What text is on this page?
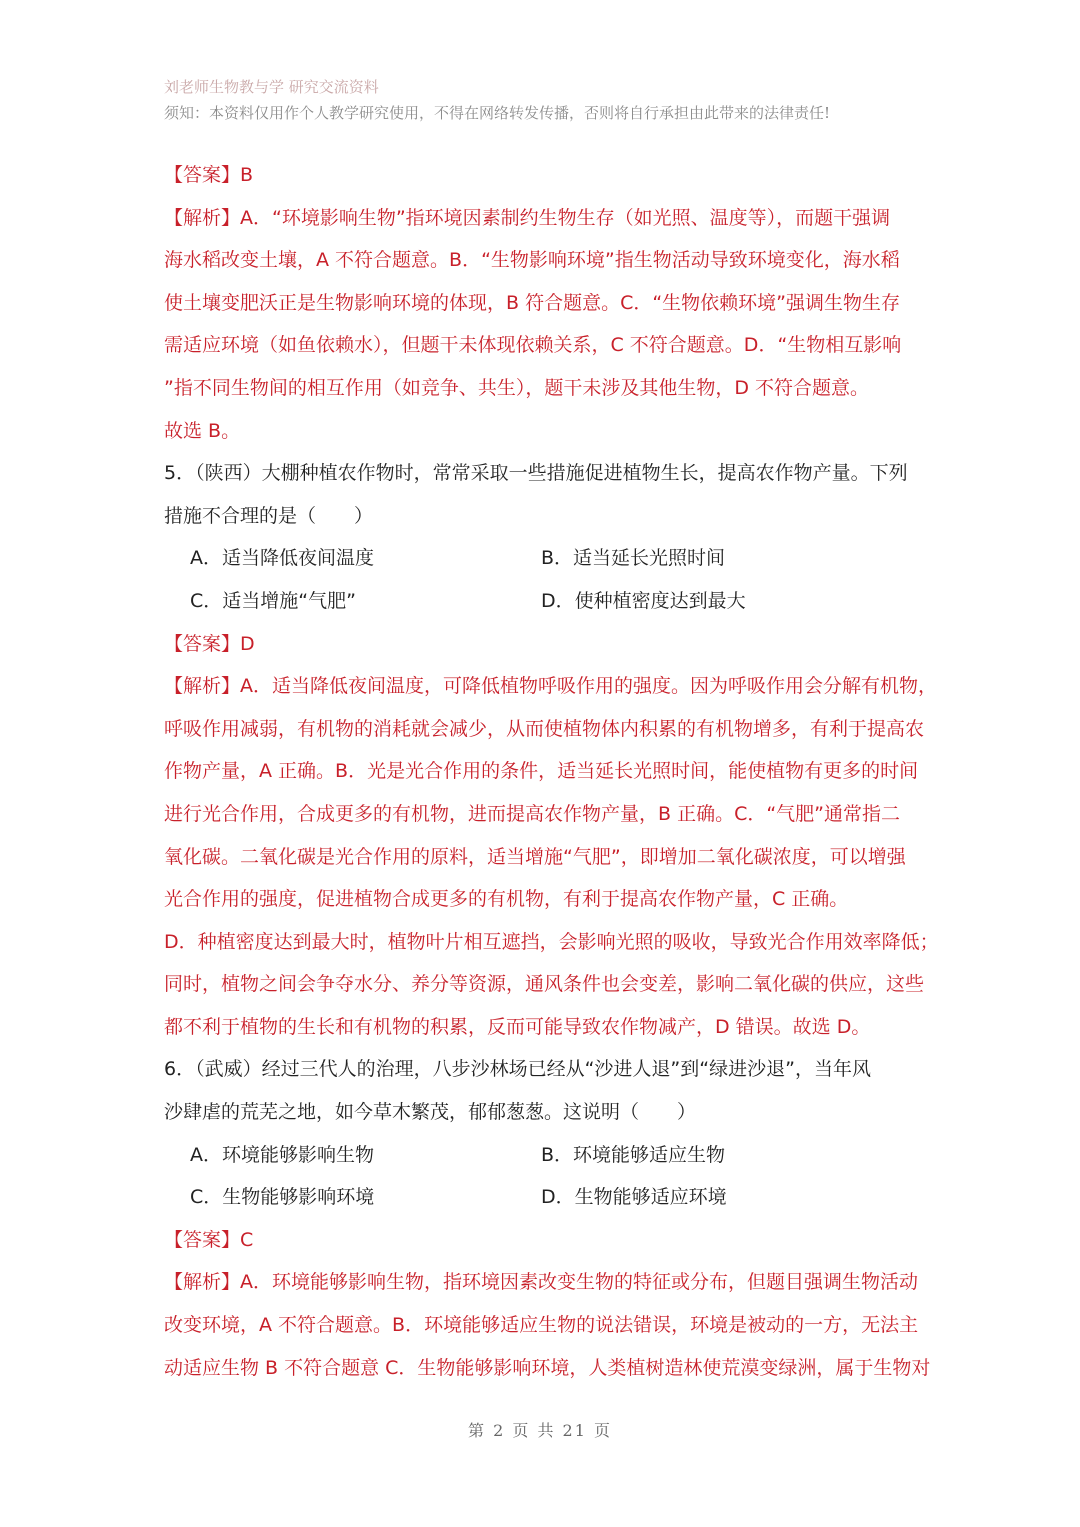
刘老师生物教与学 研究交流资料
须知：本资料仅用作个人教学研究使用，不得在网络转发传播，否则将自行承担由此带来的法律责任!
【答案】B
【解析】A．“环境影响生物”指环境因素制约生物生存（如光照、温度等），而题干强调
海水稻改变土壤，A 不符合题意。B．“生物影响环境”指生物活动导致环境变化，海水稻
使土壤变肥沃正是生物影响环境的体现，B 符合题意。C．“生物依赖环境”强调生物生存
需适应环境（如鱼依赖水），但题干未体现依赖关系，C 不符合题意。D．“生物相互影响
”指不同生物间的相互作用（如竞争、共生），题干未涉及其他生物，D 不符合题意。
故选 B。
5．（陕西）大棚种植农作物时，常常采取一些措施促进植物生长，提高农作物产量。下列
措施不合理的是（　　）
A．适当降低夜间温度	B．适当延长光照时间
C．适当增施“气肥”	D．使种植密度达到最大
【答案】D
【解析】A．适当降低夜间温度，可降低植物呼吸作用的强度。因为呼吸作用会分解有机物，
呼吸作用减弱，有机物的消耗就会减少，从而使植物体内积累的有机物增多，有利于提高农
作物产量，A 正确。B．光是光合作用的条件，适当延长光照时间，能使植物有更多的时间
进行光合作用，合成更多的有机物，进而提高农作物产量，B 正确。C．“气肥”通常指二
氧化碳。二氧化碳是光合作用的原料，适当增施“气肥”，即增加二氧化碳浓度，可以增强
光合作用的强度，促进植物合成更多的有机物，有利于提高农作物产量，C 正确。
D．种植密度达到最大时，植物叶片相互遮挡，会影响光照的吸收，导致光合作用效率降低；
同时，植物之间会争夺水分、养分等资源，通风条件也会变差，影响二氧化碳的供应，这些
都不利于植物的生长和有机物的积累，反而可能导致农作物减产，D 错误。故选 D。
6．（武威）经过三代人的治理，八步沙林场已经从“沙进人退”到“绿进沙退”，当年风
沙肆虐的荒芜之地，如今草木繁茂，郁郁葱葱。这说明（　　）
A．环境能够影响生物	B．环境能够适应生物
C．生物能够影响环境	D．生物能够适应环境
【答案】C
【解析】A．环境能够影响生物，指环境因素改变生物的特征或分布，但题目强调生物活动
改变环境，A 不符合题意。B．环境能够适应生物的说法错误，环境是被动的一方，无法主
动适应生物 B 不符合题意 C．生物能够影响环境，人类植树造林使荒漠变绿洲，属于生物对
第 2 页 共 21 页
